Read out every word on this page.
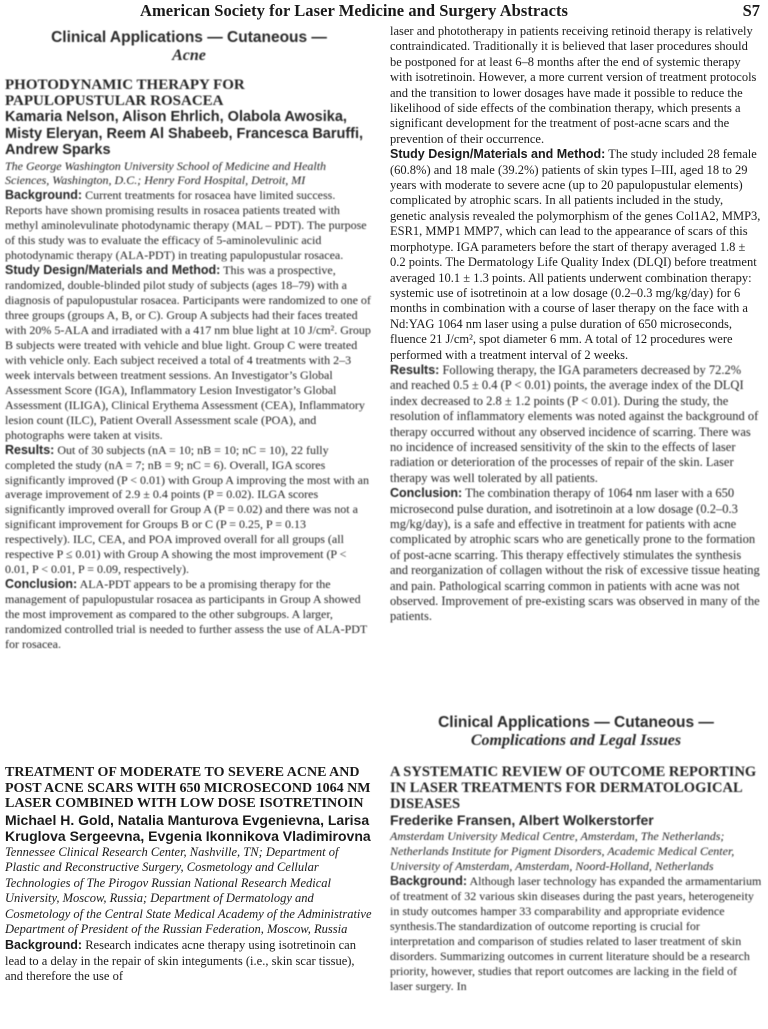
American Society for Laser Medicine and Surgery Abstracts	S7
Clinical Applications — Cutaneous —
Acne

PHOTODYNAMIC THERAPY FOR PAPULOPUSTULAR ROSACEA

Kamaria Nelson, Alison Ehrlich, Olabola Awosika, Misty Eleryan, Reem Al Shabeeb, Francesca Baruffi, Andrew Sparks

The George Washington University School of Medicine and Health Sciences, Washington, D.C.; Henry Ford Hospital, Detroit, MI

Background: Current treatments for rosacea have limited success. Reports have shown promising results in rosacea patients treated with methyl aminolevulinate photodynamic therapy (MAL – PDT). The purpose of this study was to evaluate the efficacy of 5-aminolevulinic acid photodynamic therapy (ALA-PDT) in treating papulopustular rosacea.

Study Design/Materials and Method: This was a prospective, randomized, double-blinded pilot study of subjects (ages 18–79) with a diagnosis of papulopustular rosacea. Participants were randomized to one of three groups (groups A, B, or C). Group A subjects had their faces treated with 20% 5-ALA and irradiated with a 417 nm blue light at 10 J/cm². Group B subjects were treated with vehicle and blue light. Group C were treated with vehicle only. Each subject received a total of 4 treatments with 2–3 week intervals between treatment sessions. An Investigator’s Global Assessment Score (IGA), Inflammatory Lesion Investigator’s Global Assessment (ILIGA), Clinical Erythema Assessment (CEA), Inflammatory lesion count (ILC), Patient Overall Assessment scale (POA), and photographs were taken at visits.

Results: Out of 30 subjects (nA = 10; nB = 10; nC = 10), 22 fully completed the study (nA = 7; nB = 9; nC = 6). Overall, IGA scores significantly improved (P < 0.01) with Group A improving the most with an average improvement of 2.9 ± 0.4 points (P = 0.02). ILGA scores significantly improved overall for Group A (P = 0.02) and there was not a significant improvement for Groups B or C (P = 0.25, P = 0.13 respectively). ILC, CEA, and POA improved overall for all groups (all respective P ≤ 0.01) with Group A showing the most improvement (P < 0.01, P < 0.01, P = 0.09, respectively).

Conclusion: ALA-PDT appears to be a promising therapy for the management of papulopustular rosacea as participants in Group A showed the most improvement as compared to the other subgroups. A larger, randomized controlled trial is needed to further assess the use of ALA-PDT for rosacea.

TREATMENT OF MODERATE TO SEVERE ACNE AND POST ACNE SCARS WITH 650 MICROSECOND 1064 NM LASER COMBINED WITH LOW DOSE ISOTRETINOIN

Michael H. Gold, Natalia Manturova Evgenievna, Larisa Kruglova Sergeevna, Evgenia Ikonnikova Vladimirovna

Tennessee Clinical Research Center, Nashville, TN; Department of Plastic and Reconstructive Surgery, Cosmetology and Cellular Technologies of The Pirogov Russian National Research Medical University, Moscow, Russia; Department of Dermatology and Cosmetology of the Central State Medical Academy of the Administrative Department of President of the Russian Federation, Moscow, Russia

Background: Research indicates acne therapy using isotretinoin can lead to a delay in the repair of skin integuments (i.e., skin scar tissue), and therefore the use of

laser and phototherapy in patients receiving retinoid therapy is relatively contraindicated. Traditionally it is believed that laser procedures should be postponed for at least 6–8 months after the end of systemic therapy with isotretinoin. However, a more current version of treatment protocols and the transition to lower dosages have made it possible to reduce the likelihood of side effects of the combination therapy, which presents a significant development for the treatment of post-acne scars and the prevention of their occurrence.

Study Design/Materials and Method: The study included 28 female (60.8%) and 18 male (39.2%) patients of skin types I–III, aged 18 to 29 years with moderate to severe acne (up to 20 papulopustular elements) complicated by atrophic scars. In all patients included in the study, genetic analysis revealed the polymorphism of the genes Col1A2, MMP3, ESR1, MMP1 MMP7, which can lead to the appearance of scars of this morphotype. IGA parameters before the start of therapy averaged 1.8 ± 0.2 points. The Dermatology Life Quality Index (DLQI) before treatment averaged 10.1 ± 1.3 points. All patients underwent combination therapy: systemic use of isotretinoin at a low dosage (0.2–0.3 mg/kg/day) for 6 months in combination with a course of laser therapy on the face with a Nd:YAG 1064 nm laser using a pulse duration of 650 microseconds, fluence 21 J/cm², spot diameter 6 mm. A total of 12 procedures were performed with a treatment interval of 2 weeks.

Results: Following therapy, the IGA parameters decreased by 72.2% and reached 0.5 ± 0.4 (P < 0.01) points, the average index of the DLQI index decreased to 2.8 ± 1.2 points (P < 0.01). During the study, the resolution of inflammatory elements was noted against the background of therapy occurred without any observed incidence of scarring. There was no incidence of increased sensitivity of the skin to the effects of laser radiation or deterioration of the processes of repair of the skin. Laser therapy was well tolerated by all patients.

Conclusion: The combination therapy of 1064 nm laser with a 650 microsecond pulse duration, and isotretinoin at a low dosage (0.2–0.3 mg/kg/day), is a safe and effective in treatment for patients with acne complicated by atrophic scars who are genetically prone to the formation of post-acne scarring. This therapy effectively stimulates the synthesis and reorganization of collagen without the risk of excessive tissue heating and pain. Pathological scarring common in patients with acne was not observed. Improvement of pre-existing scars was observed in many of the patients.

Clinical Applications — Cutaneous —
Complications and Legal Issues

A SYSTEMATIC REVIEW OF OUTCOME REPORTING IN LASER TREATMENTS FOR DERMATOLOGICAL DISEASES

Frederike Fransen, Albert Wolkerstorfer

Amsterdam University Medical Centre, Amsterdam, The Netherlands; Netherlands Institute for Pigment Disorders, Academic Medical Center, University of Amsterdam, Amsterdam, Noord-Holland, Netherlands

Background: Although laser technology has expanded the armamentarium of treatment of 32 various skin diseases during the past years, heterogeneity in study outcomes hamper 33 comparability and appropriate evidence synthesis.The standardization of outcome reporting is crucial for interpretation and comparison of studies related to laser treatment of skin disorders. Summarizing outcomes in current literature should be a research priority, however, studies that report outcomes are lacking in the field of laser surgery. In
